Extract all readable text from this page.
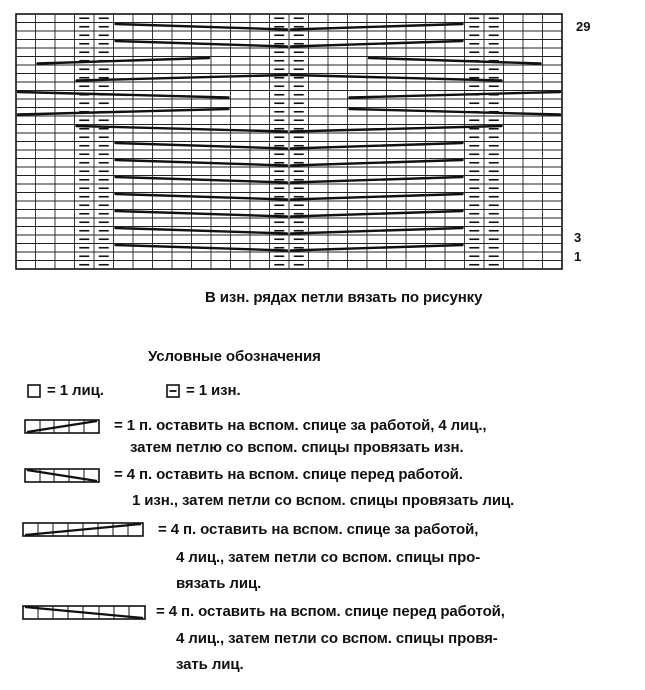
29
3
1
В изн. рядах петли вязать по рисунку
Условные обозначения
= 1 лиц.	= 1 изн.
= 1 п. оставить на вспом. спице за работой, 4 лиц.,
затем петлю со вспом. спицы провязать изн.
= 4 п. оставить на вспом. спице перед работой.
1 изн., затем петли со вспом. спицы провязать лиц.
= 4 п. оставить на вспом. спице за работой,
4 лиц., затем петли со вспом. спицы про-
вязать лиц.
= 4 п. оставить на вспом. спице перед работой,
4 лиц., затем петли со вспом. спицы провя-
зать лиц.
